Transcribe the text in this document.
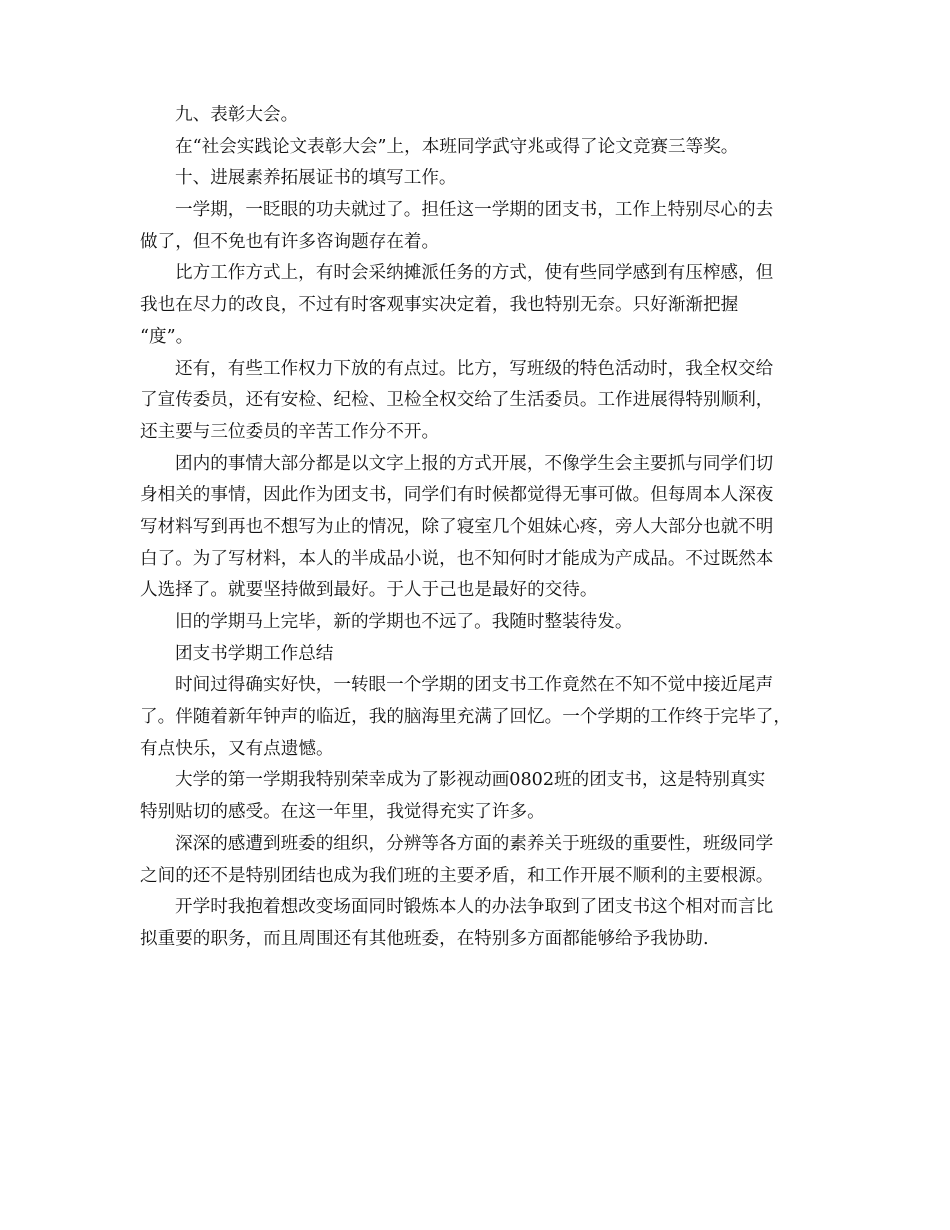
九、表彰大会。
在“社会实践论文表彰大会”上，本班同学武守兆或得了论文竞赛三等奖。
十、进展素养拓展证书的填写工作。
一学期，一眨眼的功夫就过了。担任这一学期的团支书，工作上特别尽心的去
做了，但不免也有许多咨询题存在着。
比方工作方式上，有时会采纳摊派任务的方式，使有些同学感到有压榨感，但
我也在尽力的改良，不过有时客观事实决定着，我也特别无奈。只好渐渐把握
“度”。
还有，有些工作权力下放的有点过。比方，写班级的特色活动时，我全权交给
了宣传委员，还有安检、纪检、卫检全权交给了生活委员。工作进展得特别顺利，
还主要与三位委员的辛苦工作分不开。
团内的事情大部分都是以文字上报的方式开展，不像学生会主要抓与同学们切
身相关的事情，因此作为团支书，同学们有时候都觉得无事可做。但每周本人深夜
写材料写到再也不想写为止的情况，除了寝室几个姐妹心疼，旁人大部分也就不明
白了。为了写材料，本人的半成品小说，也不知何时才能成为产成品。不过既然本
人选择了。就要坚持做到最好。于人于己也是最好的交待。
旧的学期马上完毕，新的学期也不远了。我随时整装待发。
团支书学期工作总结
时间过得确实好快，一转眼一个学期的团支书工作竟然在不知不觉中接近尾声
了。伴随着新年钟声的临近，我的脑海里充满了回忆。一个学期的工作终于完毕了，
有点快乐，又有点遗憾。
大学的第一学期我特别荣幸成为了影视动画0802班的团支书，这是特别真实
特别贴切的感受。在这一年里，我觉得充实了许多。
深深的感遭到班委的组织，分辨等各方面的素养关于班级的重要性，班级同学
之间的还不是特别团结也成为我们班的主要矛盾，和工作开展不顺利的主要根源。
开学时我抱着想改变场面同时锻炼本人的办法争取到了团支书这个相对而言比
拟重要的职务，而且周围还有其他班委，在特别多方面都能够给予我协助.
